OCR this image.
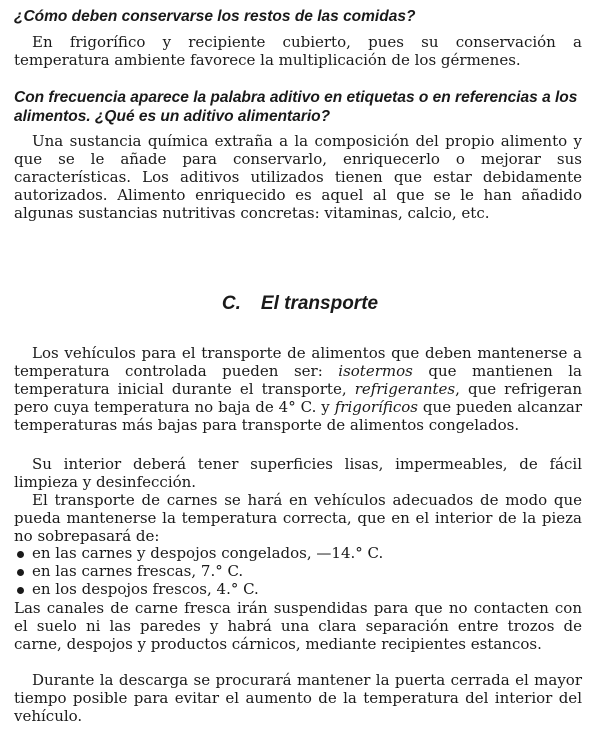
¿Cómo deben conservarse los restos de las comidas?

En frigorífico y recipiente cubierto, pues su conservación a temperatura ambiente favorece la multiplicación de los gérmenes.

Con frecuencia aparece la palabra aditivo en etiquetas o en referencias a los alimentos. ¿Qué es un aditivo alimentario?

Una sustancia química extraña a la composición del propio alimento y que se le añade para conservarlo, enriquecerlo o mejorar sus características. Los aditivos utilizados tienen que estar debidamente autorizados. Alimento enriquecido es aquel al que se le han añadido algunas sustancias nutritivas concretas: vitaminas, calcio, etc.

C. El transporte

Los vehículos para el transporte de alimentos que deben mantenerse a temperatura controlada pueden ser: isotermos que mantienen la temperatura inicial durante el transporte, refrigerantes, que refrigeran pero cuya temperatura no baja de 4° C. y frigoríficos que pueden alcanzar temperaturas más bajas para transporte de alimentos congelados.

Su interior deberá tener superficies lisas, impermeables, de fácil limpieza y desinfección.

El transporte de carnes se hará en vehículos adecuados de modo que pueda mantenerse la temperatura correcta, que en el interior de la pieza no sobrepasará de:

en las carnes y despojos congelados, —14.° C.
en las carnes frescas, 7.° C.
en los despojos frescos, 4.° C.

Las canales de carne fresca irán suspendidas para que no contacten con el suelo ni las paredes y habrá una clara separación entre trozos de carne, despojos y productos cárnicos, mediante recipientes estancos.

Durante la descarga se procurará mantener la puerta cerrada el mayor tiempo posible para evitar el aumento de la temperatura del interior del vehículo.
